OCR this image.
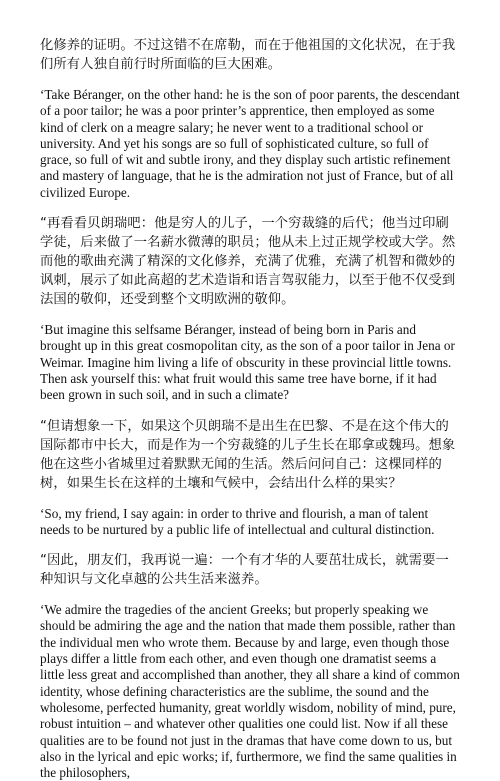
化修养的证明。不过这错不在席勒，而在于他祖国的文化状况，在于我们所有人独自前行时所面临的巨大困难。

‘Take Béranger, on the other hand: he is the son of poor parents, the descendant of a poor tailor; he was a poor printer’s apprentice, then employed as some kind of clerk on a meagre salary; he never went to a traditional school or university. And yet his songs are so full of sophisticated culture, so full of grace, so full of wit and subtle irony, and they display such artistic refinement and mastery of language, that he is the admiration not just of France, but of all civilized Europe.

“再看看贝朗瑞吧：他是穷人的儿子，一个穷裁缝的后代；他当过印刷学徒，后来做了一名薪水微薄的职员；他从未上过正规学校或大学。然而他的歌曲充满了精深的文化修养，充满了优雅，充满了机智和微妙的讽刺，展示了如此高超的艺术造诣和语言驾驭能力，以至于他不仅受到法国的敬仰，还受到整个文明欧洲的敬仰。

‘But imagine this selfsame Béranger, instead of being born in Paris and brought up in this great cosmopolitan city, as the son of a poor tailor in Jena or Weimar. Imagine him living a life of obscurity in these provincial little towns. Then ask yourself this: what fruit would this same tree have borne, if it had been grown in such soil, and in such a climate?

“但请想象一下，如果这个贝朗瑞不是出生在巴黎、不是在这个伟大的国际都市中长大，而是作为一个穷裁缝的儿子生长在耶拿或魏玛。想象他在这些小省城里过着默默无闻的生活。然后问问自己：这棵同样的树，如果生长在这样的土壤和气候中，会结出什么样的果实？

‘So, my friend, I say again: in order to thrive and flourish, a man of talent needs to be nurtured by a public life of intellectual and cultural distinction.

“因此，朋友们，我再说一遍：一个有才华的人要茁壮成长，就需要一种知识与文化卓越的公共生活来滋养。

‘We admire the tragedies of the ancient Greeks; but properly speaking we should be admiring the age and the nation that made them possible, rather than the individual men who wrote them. Because by and large, even though those plays differ a little from each other, and even though one dramatist seems a little less great and accomplished than another, they all share a kind of common identity, whose defining characteristics are the sublime, the sound and the wholesome, perfected humanity, great worldly wisdom, nobility of mind, pure, robust intuition – and whatever other qualities one could list. Now if all these qualities are to be found not just in the dramas that have come down to us, but also in the lyrical and epic works; if, furthermore, we find the same qualities in the philosophers,
